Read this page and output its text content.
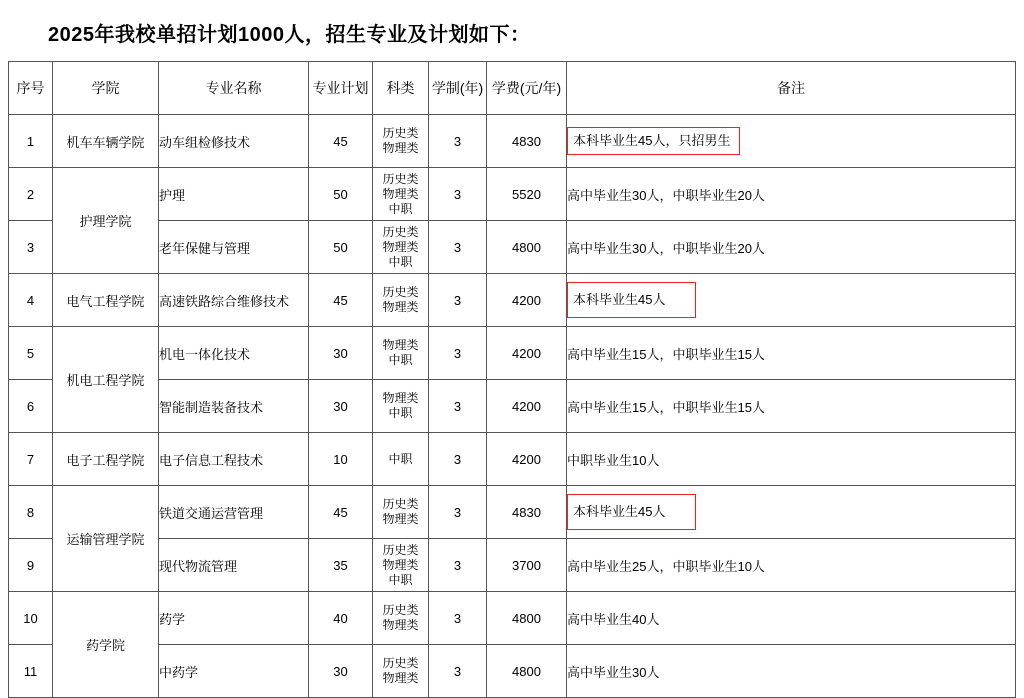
2025年我校单招计划1000人，招生专业及计划如下：
序号	学院	专业名称	专业计划	科类	学制(年)	学费(元/年)	备注
1	机车车辆学院	动车组检修技术	45	历史类
物理类	3	4830	本科毕业生45人，只招男生
2	护理学院	护理	50	历史类
物理类
中职	3	5520	高中毕业生30人，中职毕业生20人
3		老年保健与管理	50	历史类
物理类
中职	3	4800	高中毕业生30人，中职毕业生20人
4	电气工程学院	高速铁路综合维修技术	45	历史类
物理类	3	4200	本科毕业生45人
5	机电工程学院	机电一体化技术	30	物理类
中职	3	4200	高中毕业生15人，中职毕业生15人
6		智能制造装备技术	30	物理类
中职	3	4200	高中毕业生15人，中职毕业生15人
7	电子工程学院	电子信息工程技术	10	中职	3	4200	中职毕业生10人
8	运输管理学院	铁道交通运营管理	45	历史类
物理类	3	4830	本科毕业生45人
9		现代物流管理	35	历史类
物理类
中职	3	3700	高中毕业生25人，中职毕业生10人
10	药学院	药学	40	历史类
物理类	3	4800	高中毕业生40人
11		中药学	30	历史类
物理类	3	4800	高中毕业生30人
